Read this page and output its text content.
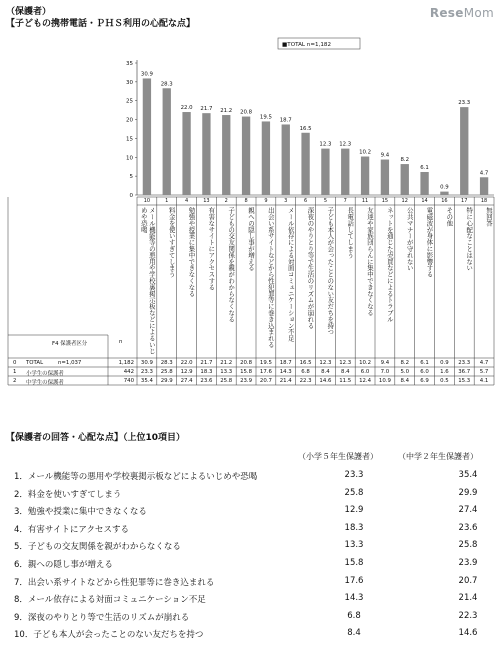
（保護者）
【子どもの携帯電話・ＰＨＳ利用の心配な点】
ReseMom
■TOTAL n=1,182
0
5
10
15
20
25
30
35
30.9
28.3
22.0 21.7 21.2 20.8
19.5
18.7
16.5
12.3 12.3
10.2
9.4
8.2
6.1
0.9
23.3
4.7
10
メール機能等の悪用や学校裏掲示板などによるいじめや恐喝
1
料金を使いすぎてしまう
4
勉強や授業に集中できなくなる
13
有害なサイトにアクセスする
2
子どもの交友関係を親がわからなくなる
8
親への隠し事が増える
9
出会い系サイトなどから性犯罪等に巻き込まれる
3
メール依存による対面コミュニケーション不足
6
深夜のやりとり等で生活のリズムが崩れる
5
子ども本人が会ったことのない友だちを持つ
7
長電話してしまう
11
友達や家族団らんに集中できなくなる
15
ネットを通じた売買などによるトラブル
12
公共マナーが守れない
14
電磁波が身体に影響する
16
その他
17
特に心配なことはない
18
無回答
F4 保護者区分	n
0 TOTAL	n=1,037	1,182	30.9	28.3	22.0	21.7	21.2	20.8	19.5	18.7	16.5	12.3	12.3	10.2	9.4	8.2	6.1	0.9	23.3	4.7
1 小学生の保護者	442	23.3	25.8	12.9	18.3	13.3	15.8	17.6	14.3	6.8	8.4	8.4	6.0	7.0	5.0	6.0	1.6	36.7	5.7
2 中学生の保護者	740	35.4	29.9	27.4	23.6	25.8	23.9	20.7	21.4	22.3	14.6	11.5	12.4	10.9	8.4	6.9	0.5	15.3	4.1
【保護者の回答・心配な点】（上位10項目）
（小学５年生保護者）	（中学２年生保護者）
1．メール機能等の悪用や学校裏掲示板などによるいじめや恐喝	23.3	35.4
2．料金を使いすぎてしまう	25.8	29.9
3．勉強や授業に集中できなくなる	12.9	27.4
4．有害サイトにアクセスする	18.3	23.6
5．子どもの交友関係を親がわからなくなる	13.3	25.8
6．親への隠し事が増える	15.8	23.9
7．出会い系サイトなどから性犯罪等に巻き込まれる	17.6	20.7
8．メール依存による対面コミュニケーション不足	14.3	21.4
9．深夜のやりとり等で生活のリズムが崩れる	6.8	22.3
10．子ども本人が会ったことのない友だちを持つ	8.4	14.6
